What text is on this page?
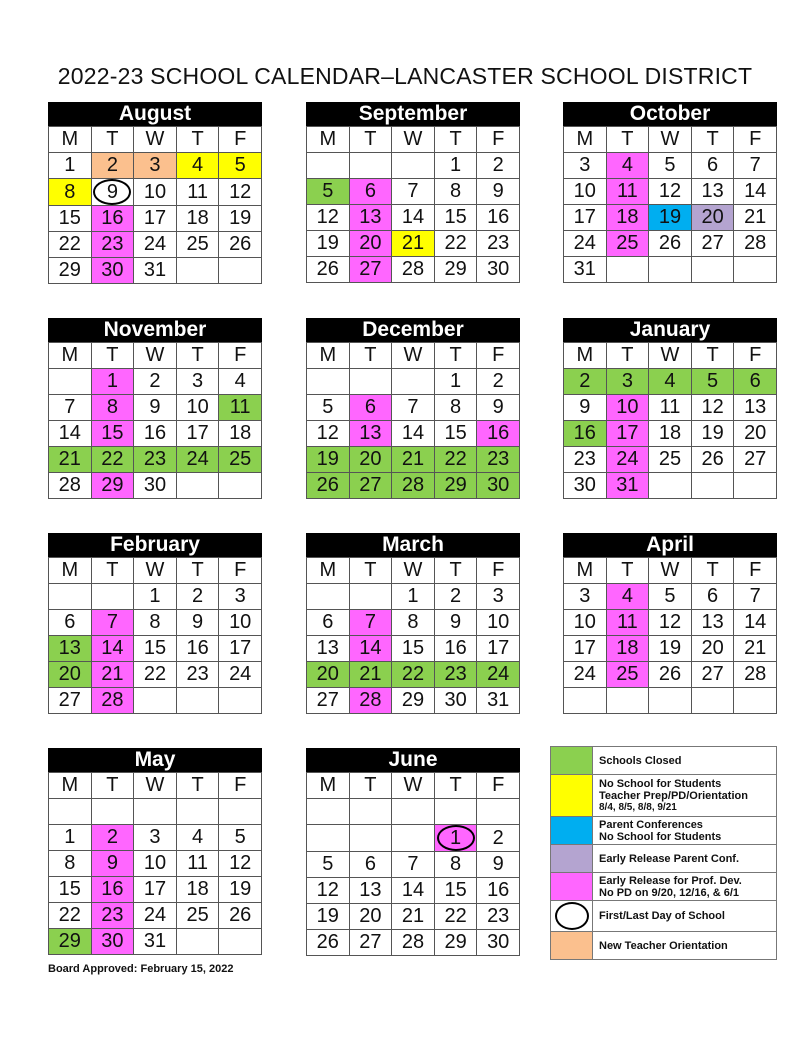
2022-23 SCHOOL CALENDAR–LANCASTER SCHOOL DISTRICT
August
M	T	W	T	F
1	2	3	4	5
8	9	10	11	12
15	16	17	18	19
22	23	24	25	26
29	30	31		
September
M	T	W	T	F
			1	2
5	6	7	8	9
12	13	14	15	16
19	20	21	22	23
26	27	28	29	30
October
M	T	W	T	F
3	4	5	6	7
10	11	12	13	14
17	18	19	20	21
24	25	26	27	28
31				
November
M	T	W	T	F
	1	2	3	4
7	8	9	10	11
14	15	16	17	18
21	22	23	24	25
28	29	30		
December
M	T	W	T	F
			1	2
5	6	7	8	9
12	13	14	15	16
19	20	21	22	23
26	27	28	29	30
January
M	T	W	T	F
2	3	4	5	6
9	10	11	12	13
16	17	18	19	20
23	24	25	26	27
30	31			
February
M	T	W	T	F
		1	2	3
6	7	8	9	10
13	14	15	16	17
20	21	22	23	24
27	28			
March
M	T	W	T	F
		1	2	3
6	7	8	9	10
13	14	15	16	17
20	21	22	23	24
27	28	29	30	31
April
M	T	W	T	F
3	4	5	6	7
10	11	12	13	14
17	18	19	20	21
24	25	26	27	28

May
M	T	W	T	F

1	2	3	4	5
8	9	10	11	12
15	16	17	18	19
22	23	24	25	26
29	30	31		
June
M	T	W	T	F

			1	2
5	6	7	8	9
12	13	14	15	16
19	20	21	22	23
26	27	28	29	30

	Schools Closed

	No School for Students
Teacher Prep/PD/Orientation
8/4, 8/5, 8/8, 9/21

	Parent Conferences
No School for Students

	Early Release Parent Conf.

	Early Release for Prof. Dev.
No PD on 9/20, 12/16, & 6/1

	First/Last Day of School

	New Teacher Orientation
Board Approved: February 15, 2022
